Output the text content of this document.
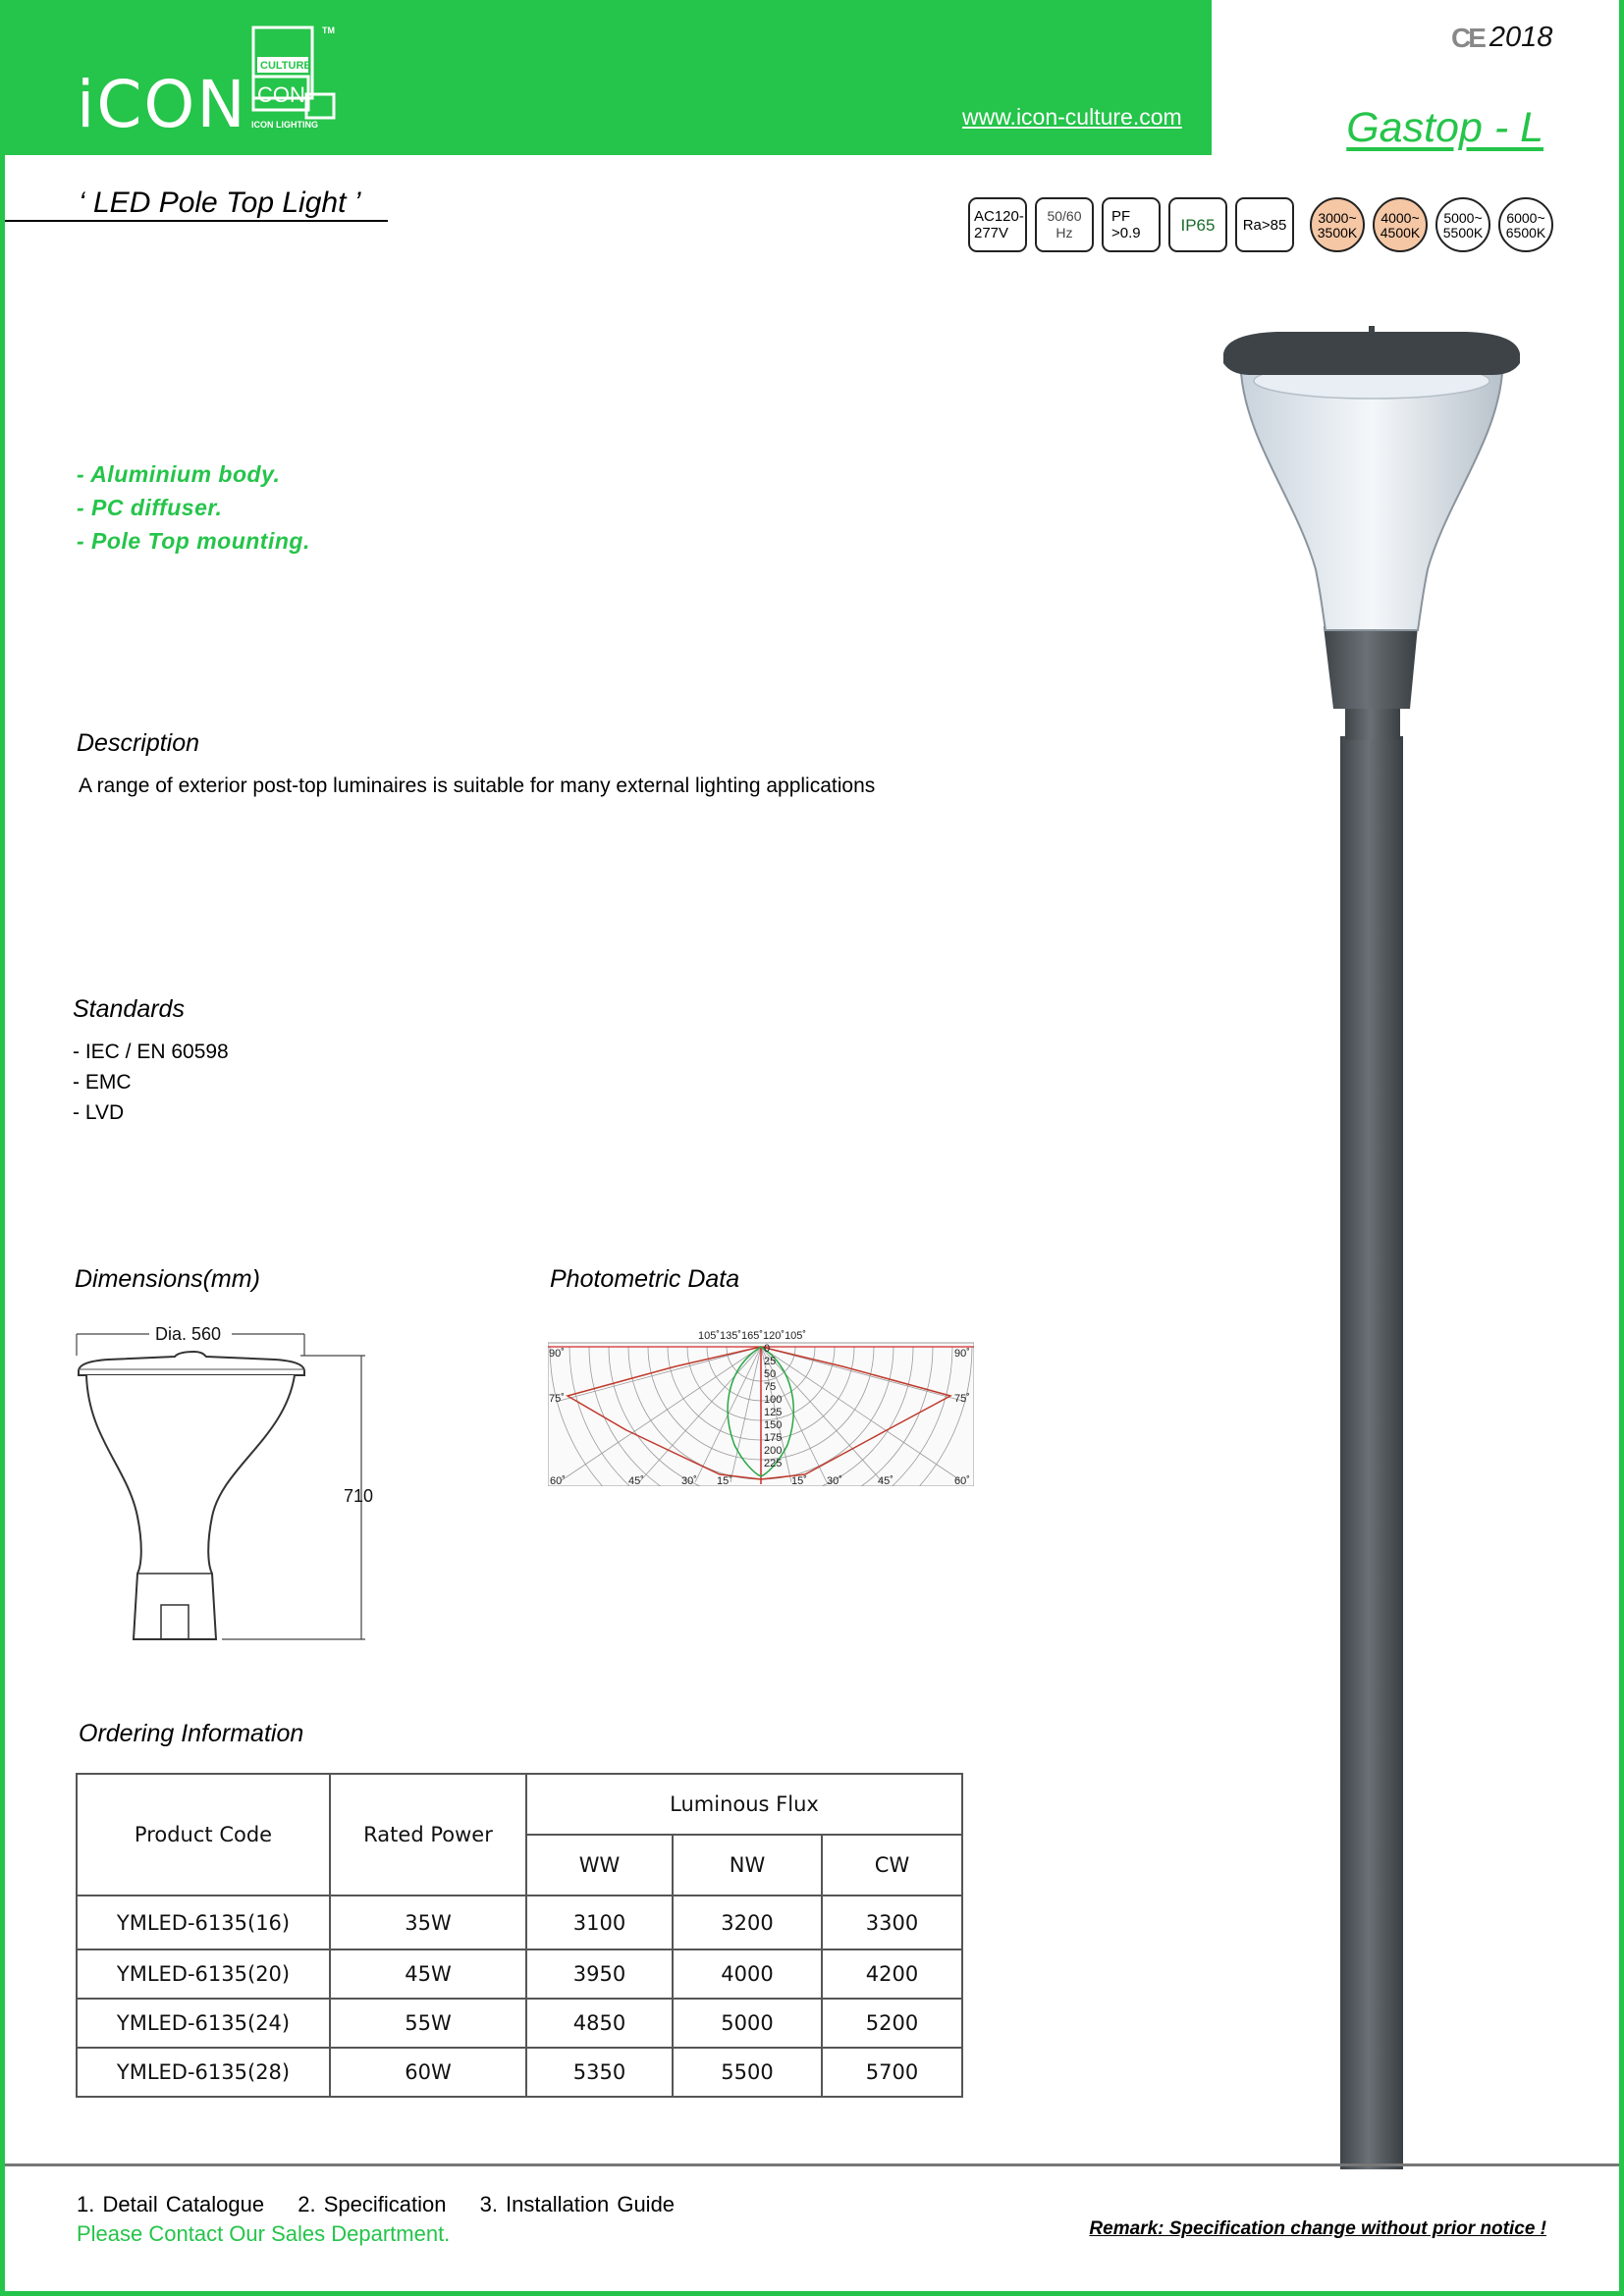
iCON
CULTURE
CON
TM
ICON LIGHTING	www.icon-culture.com
CE 2018
Gastop - L
‘ LED Pole Top Light ’	AC120-
277V
50/60
Hz
PF
>0.9	IP65	Ra>85	3000~
3500K
4000~
4500K
5000~
5500K
6000~
6500K
- Aluminium body.
- PC diffuser.
- Pole Top mounting.
Description
A range of exterior post-top luminaires is suitable for many external lighting applications
Standards
- IEC / EN 60598
- EMC
- LVD
Dimensions(mm)
Dia. 560
710
Photometric Data
105˚135˚165˚120˚105˚
90˚	90˚
75˚	75˚
60˚	45˚	30˚ 15˚	15˚ 30˚	45˚	60˚
0
25
50
75
100
125
150
175
200
225
Ordering Information
Product Code	Rated Power	Luminous Flux		
		WW	NW	CW
YMLED-6135(16)	35W	3100	3200	3300
YMLED-6135(20)	45W	3950	4000	4200
YMLED-6135(24)	55W	4850	5000	5200
YMLED-6135(28)	60W	5350	5500	5700
1. Detail Catalogue 2. Specification 3. Installation Guide
Please Contact Our Sales Department.	Remark: Specification change without prior notice !
